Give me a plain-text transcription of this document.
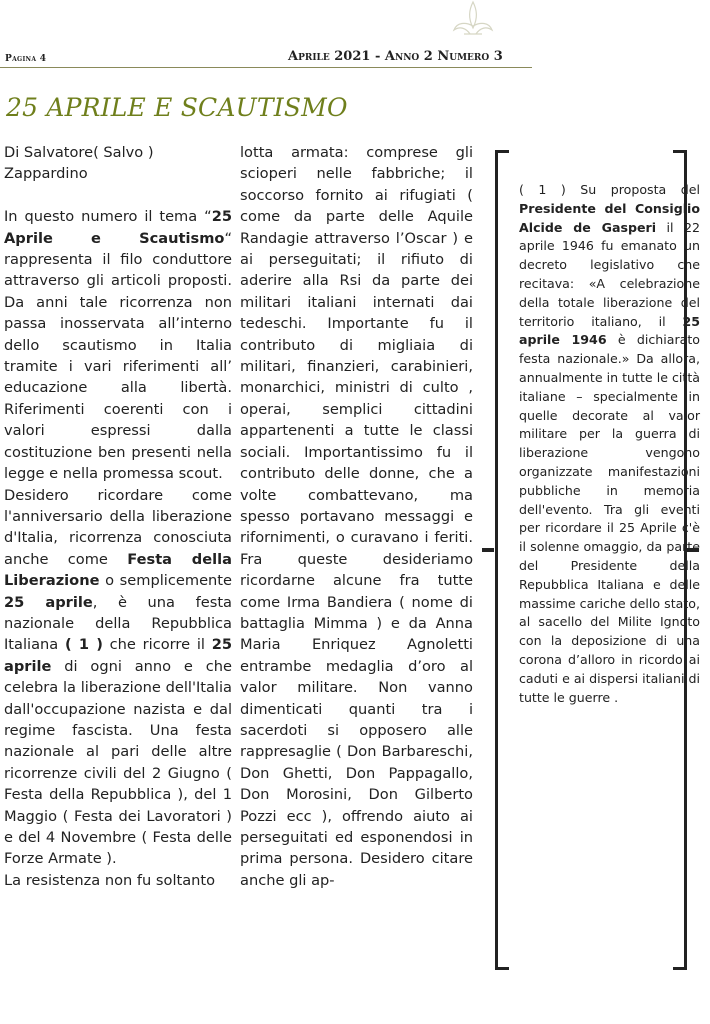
Pagina 4	Aprile 2021 - Anno 2 Numero 3
25 APRILE E SCAUTISMO

Di Salvatore( Salvo )

Zappardino

In questo numero il tema “25 Aprile e Scautismo“ rappresenta il filo conduttore attraverso gli articoli proposti. Da anni tale ricorrenza non passa inosservata all’interno dello scautismo in Italia tramite i vari riferimenti all’ educazione alla libertà. Riferimenti coerenti con i valori espressi dalla costituzione ben presenti nella legge e nella promessa scout.

Desidero ricordare come l'anniversario della liberazione d'Italia, ricorrenza conosciuta anche come Festa della Liberazione o semplicemente 25 aprile, è una festa nazionale della Repubblica Italiana ( 1 ) che ricorre il 25 aprile di ogni anno e che celebra la liberazione dell'Italia dall'occupazione nazista e dal regime fascista. Una festa nazionale al pari delle altre ricorrenze civili del 2 Giugno ( Festa della Repubblica ), del 1 Maggio ( Festa dei Lavoratori ) e del 4 Novembre ( Festa delle Forze Armate ).

La resistenza non fu soltanto

lotta armata: comprese gli scioperi nelle fabbriche; il soccorso fornito ai rifugiati ( come da parte delle Aquile Randagie attraverso l’Oscar ) e ai perseguitati; il rifiuto di aderire alla Rsi da parte dei militari italiani internati dai tedeschi. Importante fu il contributo di migliaia di militari, finanzieri, carabinieri, monarchici, ministri di culto , operai, semplici cittadini appartenenti a tutte le classi sociali. Importantissimo fu il contributo delle donne, che a volte combattevano, ma spesso portavano messaggi e rifornimenti, o curavano i feriti. Fra queste desideriamo ricordarne alcune fra tutte come Irma Bandiera ( nome di battaglia Mimma ) e da Anna Maria Enriquez Agnoletti entrambe medaglia d’oro al valor militare. Non vanno dimenticati quanti tra i sacerdoti si opposero alle rappresaglie ( Don Barbareschi, Don Ghetti, Don Pappagallo, Don Morosini, Don Gilberto Pozzi ecc ), offrendo aiuto ai perseguitati ed esponendosi in prima persona. Desidero citare anche gli ap-

( 1 ) Su proposta del Presidente del Consiglio Alcide de Gasperi il 22 aprile 1946 fu emanato un decreto legislativo che recitava: «A celebrazione della totale liberazione del territorio italiano, il 25 aprile 1946 è dichiarato festa nazionale.» Da allora, annualmente in tutte le città italiane – specialmente in quelle decorate al valor militare per la guerra di liberazione vengono organizzate manifestazioni pubbliche in memoria dell'evento. Tra gli eventi per ricordare il 25 Aprile c'è il solenne omaggio, da parte del Presidente della Repubblica Italiana e delle massime cariche dello stato, al sacello del Milite Ignoto con la deposizione di una corona d’alloro in ricordo ai caduti e ai dispersi italiani di tutte le guerre .
